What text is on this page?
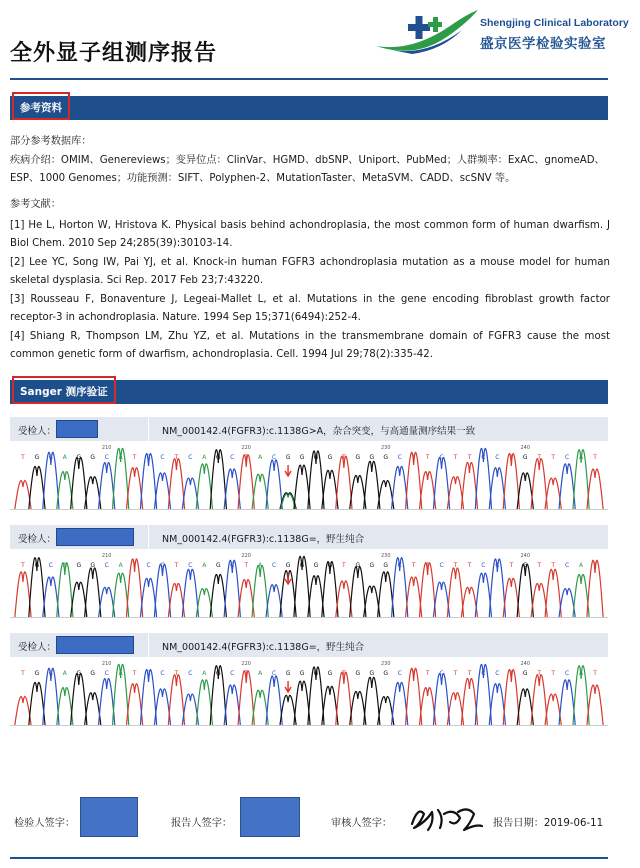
全外显子组测序报告
Shengjing Clinical Laboratory
盛京医学检验实验室
参考资料

部分参考数据库：

疾病介绍：OMIM、Genereviews；变异位点：ClinVar、HGMD、dbSNP、Uniport、PubMed；人群频率：ExAC、gnomeAD、

ESP、1000 Genomes；功能预测：SIFT、Polyphen-2、MutationTaster、MetaSVM、CADD、scSNV 等。

参考文献：

[1] He L, Horton W, Hristova K. Physical basis behind achondroplasia, the most common form of human dwarfism. J Biol Chem. 2010 Sep 24;285(39):30103-14.

[2] Lee YC, Song IW, Pai YJ, et al. Knock-in human FGFR3 achondroplasia mutation as a mouse model for human skeletal dysplasia. Sci Rep. 2017 Feb 23;7:43220.

[3] Rousseau F, Bonaventure J, Legeai-Mallet L, et al. Mutations in the gene encoding fibroblast growth factor receptor-3 in achondroplasia. Nature. 1994 Sep 15;371(6494):252-4.

[4] Shiang R, Thompson LM, Zhu YZ, et al. Mutations in the transmembrane domain of FGFR3 cause the most common genetic form of dwarfism, achondroplasia. Cell. 1994 Jul 29;78(2):335-42.

Sanger 测序验证
受检人：	NM_000142.4(FGFR3):c.1138G>A，杂合突变，与高通量测序结果一致
210	220	230	240
T G C A G G C A T C C T C A G C T A C G G G G T G G G C T T C T T C C T G T T C A T
受检人：	NM_000142.4(FGFR3):c.1138G=，野生纯合
210	220	230	240
T G C A G G C A T C C T C A G C T A C G G G G T G G G C T T C T T C C T G T T C A T
受检人：	NM_000142.4(FGFR3):c.1138G=，野生纯合
210	220	230	240
T G C A G G C A T C C T C A G C T A C G G G G T G G G C T T C T T C C T G T T C A T
检验人签字：	报告人签字：	审核人签字：	报告日期：2019-06-11
